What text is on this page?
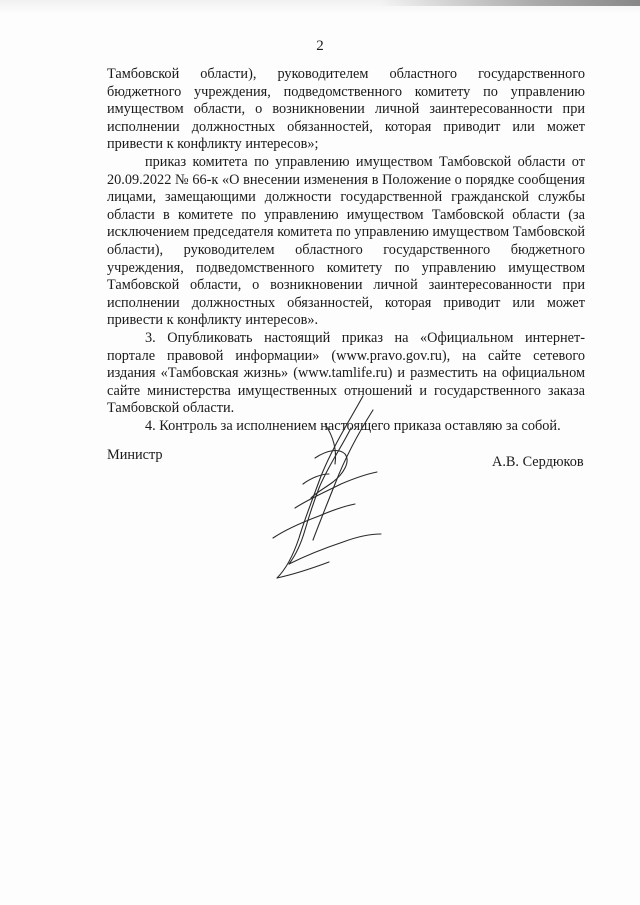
2

Тамбовской области), руководителем областного государственного бюджетного учреждения, подведомственного комитету по управлению имуществом области, о возникновении личной заинтересованности при исполнении должностных обязанностей, которая приводит или может привести к конфликту интересов»;

приказ комитета по управлению имуществом Тамбовской области от 20.09.2022 № 66-к «О внесении изменения в Положение о порядке сообщения лицами, замещающими должности государственной гражданской службы области в комитете по управлению имуществом Тамбовской области (за исключением председателя комитета по управлению имуществом Тамбовской области), руководителем областного государственного бюджетного учреждения, подведомственного комитету по управлению имуществом Тамбовской области, о возникновении личной заинтересованности при исполнении должностных обязанностей, которая приводит или может привести к конфликту интересов».

3. Опубликовать настоящий приказ на «Официальном интернет-портале правовой информации» (www.pravo.gov.ru), на сайте сетевого издания «Тамбовская жизнь» (www.tamlife.ru) и разместить на официальном сайте министерства имущественных отношений и государственного заказа Тамбовской области.

4. Контроль за исполнением настоящего приказа оставляю за собой.

Министр	А.В. Сердюков
